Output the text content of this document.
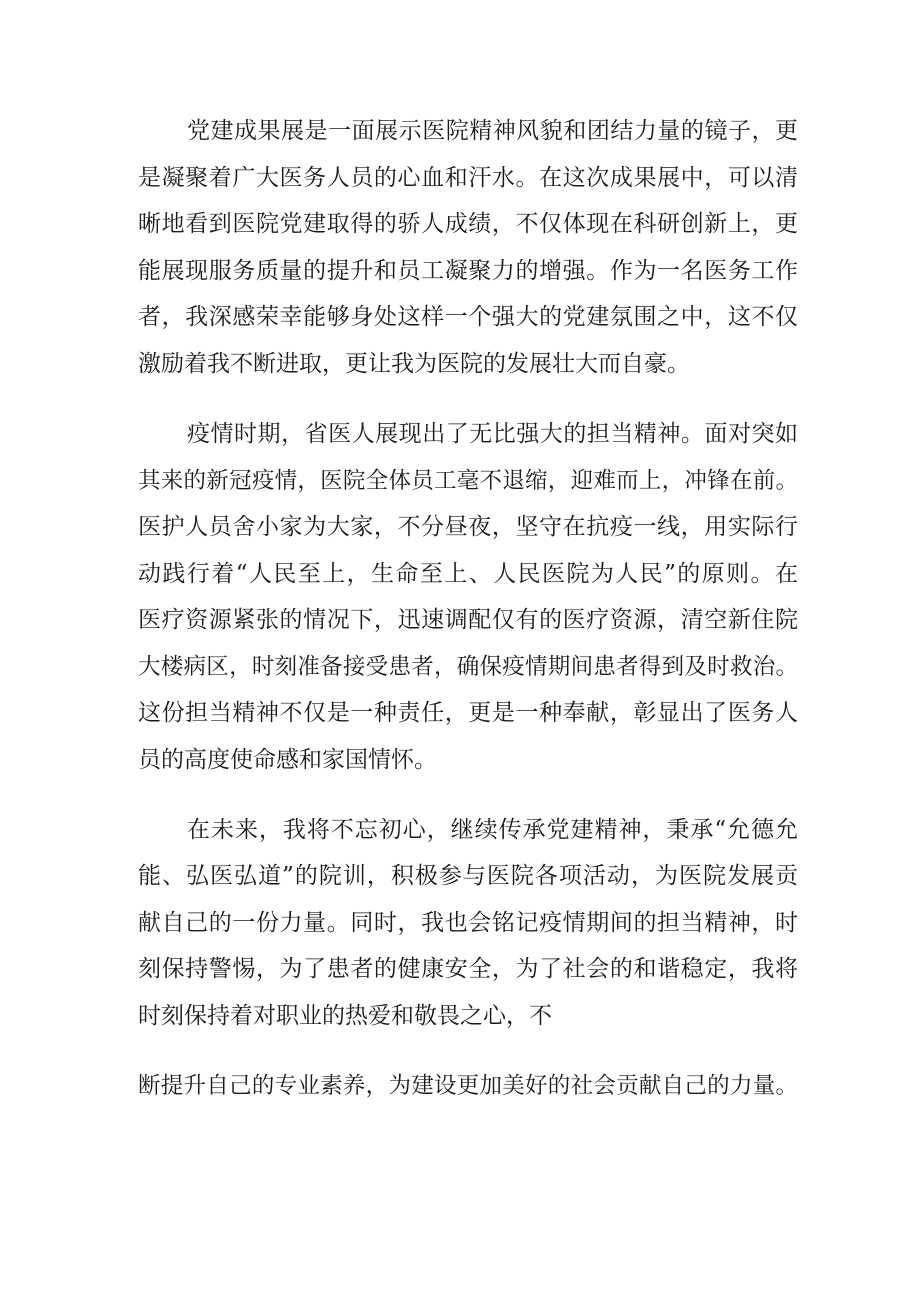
党建成果展是一面展示医院精神风貌和团结力量的镜子，更
是凝聚着广大医务人员的心血和汗水。在这次成果展中，可以清
晰地看到医院党建取得的骄人成绩，不仅体现在科研创新上，更
能展现服务质量的提升和员工凝聚力的增强。作为一名医务工作
者，我深感荣幸能够身处这样一个强大的党建氛围之中，这不仅
激励着我不断进取，更让我为医院的发展壮大而自豪。
疫情时期，省医人展现出了无比强大的担当精神。面对突如
其来的新冠疫情，医院全体员工毫不退缩，迎难而上，冲锋在前。
医护人员舍小家为大家，不分昼夜，坚守在抗疫一线，用实际行
动践行着“人民至上，生命至上、人民医院为人民”的原则。在
医疗资源紧张的情况下，迅速调配仅有的医疗资源，清空新住院
大楼病区，时刻准备接受患者，确保疫情期间患者得到及时救治。
这份担当精神不仅是一种责任，更是一种奉献，彰显出了医务人
员的高度使命感和家国情怀。
在未来，我将不忘初心，继续传承党建精神，秉承“允德允
能、弘医弘道”的院训，积极参与医院各项活动，为医院发展贡
献自己的一份力量。同时，我也会铭记疫情期间的担当精神，时
刻保持警惕，为了患者的健康安全，为了社会的和谐稳定，我将
时刻保持着对职业的热爱和敬畏之心，不
断提升自己的专业素养，为建设更加美好的社会贡献自己的力量。
